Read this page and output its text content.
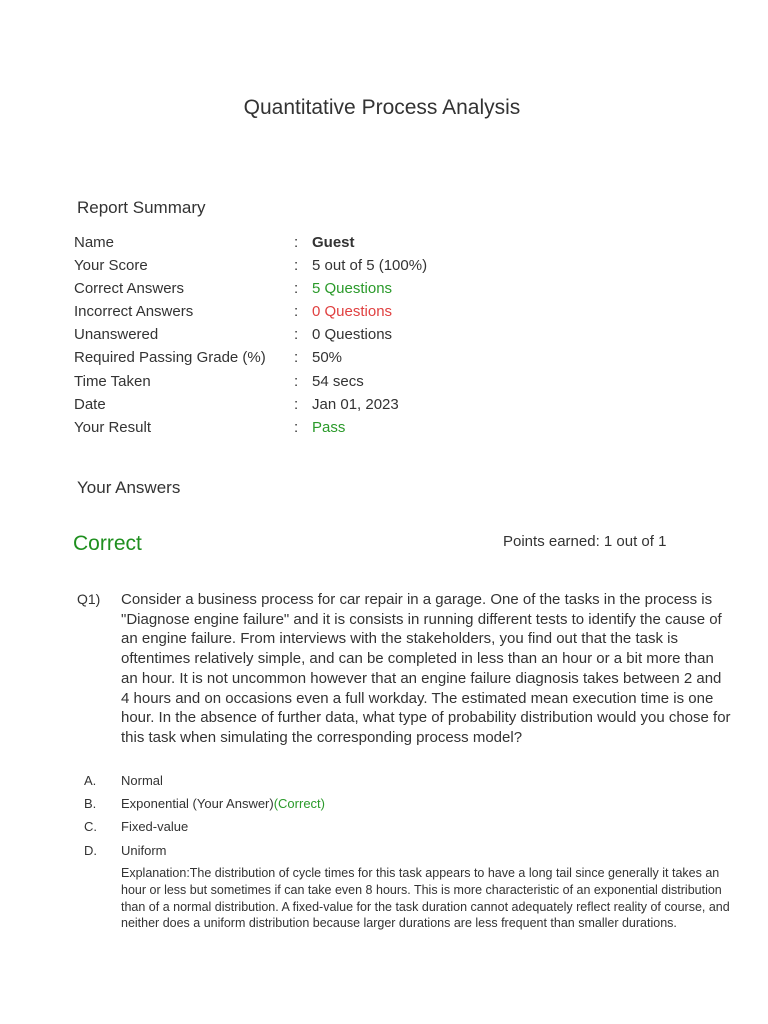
Quantitative Process Analysis
Report Summary
Name	: Guest
Your Score	: 5 out of 5 (100%)
Correct Answers	: 5 Questions
Incorrect Answers	: 0 Questions
Unanswered	: 0 Questions
Required Passing Grade (%)	: 50%
Time Taken	: 54 secs
Date	: Jan 01, 2023
Your Result	: Pass
Your Answers
Correct	Points earned: 1 out of 1
Q1) Consider a business process for car repair in a garage. One of the tasks in the process is "Diagnose engine failure" and it is consists in running different tests to identify the cause of an engine failure. From interviews with the stakeholders, you find out that the task is oftentimes relatively simple, and can be completed in less than an hour or a bit more than an hour. It is not uncommon however that an engine failure diagnosis takes between 2 and 4 hours and on occasions even a full workday. The estimated mean execution time is one hour. In the absence of further data, what type of probability distribution would you chose for this task when simulating the corresponding process model?

A.	Normal
B.	Exponential (Your Answer) (Correct)
C.	Fixed-value
D.	Uniform

Explanation:The distribution of cycle times for this task appears to have a long tail since generally it takes an hour or less but sometimes if can take even 8 hours. This is more characteristic of an exponential distribution than of a normal distribution. A fixed-value for the task duration cannot adequately reflect reality of course, and neither does a uniform distribution because larger durations are less frequent than smaller durations.
